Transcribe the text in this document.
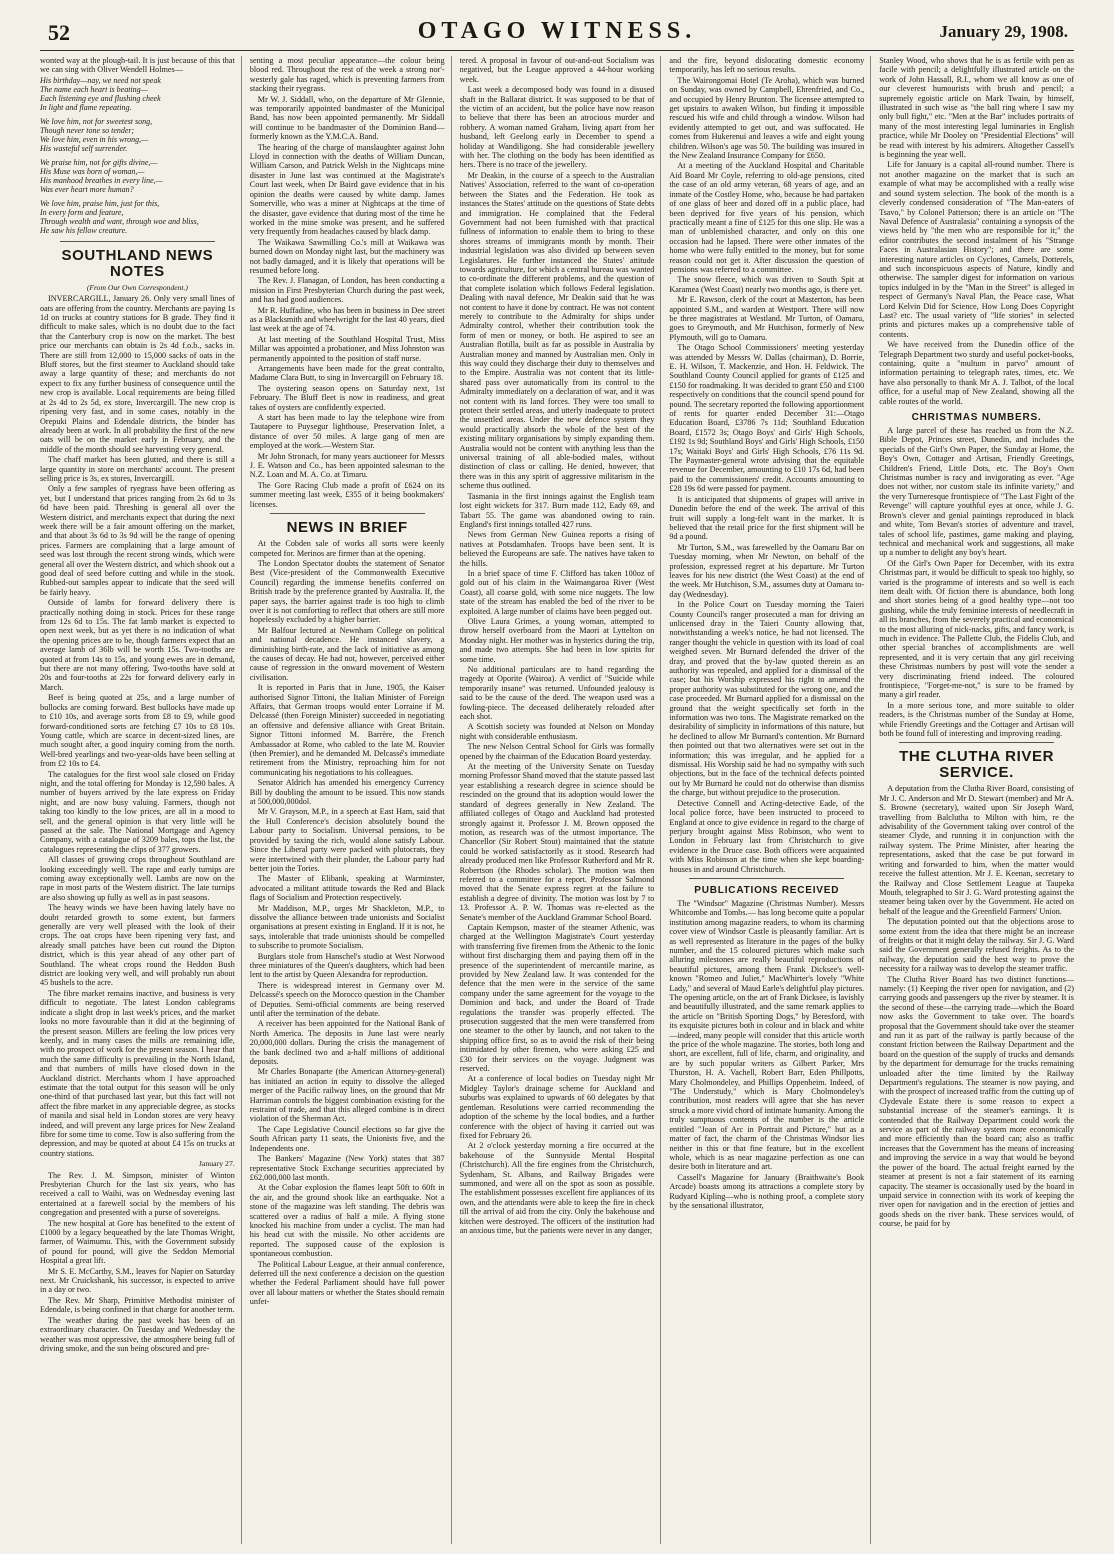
52	OTAGO WITNESS.	January 29, 1908.

wonted way at the plough-tail. It is just because of this that we can sing with Oliver Wendell Holmes—

His birthday—nay, we need not speak
The name each heart is beating—
Each listening eye and flushing cheek
In light and flame repeating.
We love him, not for sweetest song,
Though never tone so tender;
We love him, even in his wrong,—
His wasteful self surrender.
We praise him, not for gifts divine,—
His Muse was born of woman,—
His manhood breathes in every line,—
Was ever heart more human?
We love him, praise him, just for this,
In every form and feature,
Through wealth and want, through woe and bliss,
He saw his fellow creature.
SOUTHLAND NEWS NOTES
(From Our Own Correspondent.)

INVERCARGILL, January 26. Only very small lines of oats are offering from the country. Merchants are paying 1s 1d on trucks at country stations for B grade. They find it difficult to make sales, which is no doubt due to the fact that the Canterbury crop is now on the market. The best price our merchants can obtain is 2s 4d f.o.b., sacks in. There are still from 12,000 to 15,000 sacks of oats in the Bluff stores, but the first steamer to Auckland should take away a large quantity of these; and merchants do not expect to fix any further business of consequence until the new crop is available. Local requirements are being filled at 2s 4d to 2s 5d, ex store, Invercargill. The new crop is ripening very fast, and in some cases, notably in the Orepuki Plains and Edendale districts, the binder has already been at work. In all probability the first of the new oats will be on the market early in February, and the middle of the month should see harvesting very general.

The chaff market has been glutted, and there is still a large quantity in store on merchants' account. The present selling price is 3s, ex stores, Invercargill.

Only a few samples of ryegrass have been offering as yet, but I understand that prices ranging from 2s 6d to 3s 6d have been paid. Threshing is general all over the Western district, and merchants expect that during the next week there will be a fair amount offering on the market, and that about 3s 6d to 3s 9d will be the range of opening prices. Farmers are complaining that a large amount of seed was lost through the recent strong winds, which were general all over the Western district, and which shook out a good deal of seed before cutting and while in the stook. Rubbed-out samples appear to indicate that the seed will be fairly heavy.

Outside of lambs for forward delivery there is practically nothing doing in stock. Prices for these range from 12s 6d to 15s. The fat lamb market is expected to open next week, but as yet there is no indication of what the opening prices are to be, though farmers expect that an average lamb of 36lb will be worth 15s. Two-tooths are quoted at from 14s to 15s, and young ewes are in demand, but there are not many offering. Two-tooths have sold at 20s and four-tooths at 22s for forward delivery early in March.

Beef is being quoted at 25s, and a large number of bullocks are coming forward. Best bullocks have made up to £10 10s, and average sorts from £8 to £9, while good forward-conditioned sorts are fetching £7 10s to £8 10s. Young cattle, which are scarce in decent-sized lines, are much sought after, a good inquiry coming from the north. Well-bred yearlings and two-year-olds have been selling at from £2 10s to £4.

The catalogues for the first wool sale closed on Friday night, and the total offering for Monday is 12,590 bales. A number of buyers arrived by the late express on Friday night, and are now busy valuing. Farmers, though not taking too kindly to the low prices, are all in a mood to sell, and the general opinion is that very little will be passed at the sale. The National Mortgage and Agency Company, with a catalogue of 3209 bales, tops the list, the catalogues representing the clips of 377 growers.

All classes of growing crops throughout Southland are looking exceedingly well. The rape and early turnips are coming away exceptionally well. Lambs are now on the rape in most parts of the Western district. The late turnips are also showing up fully as well as in past seasons.

The heavy winds we have been having lately have no doubt retarded growth to some extent, but farmers generally are very well pleased with the look of their crops. The oat crops have been ripening very fast, and already small patches have been cut round the Dipton district, which is this year ahead of any other part of Southland. The wheat crops round the Heddon Bush district are looking very well, and will probably run about 45 bushels to the acre.

The fibre market remains inactive, and business is very difficult to negotiate. The latest London cablegrams indicate a slight drop in last week's prices, and the market looks no more favourable than it did at the beginning of the present season. Millers are feeling the low prices very keenly, and in many cases the mills are remaining idle, with no prospect of work for the present season. I hear that much the same difficulty is prevailing in the North Island, and that numbers of mills have closed down in the Auckland district. Merchants whom I have approached estimate that the total output for this season will be only one-third of that purchased last year, but this fact will not affect the fibre market in any appreciable degree, as stocks of manila and sisal held in London stores are very heavy indeed, and will prevent any large prices for New Zealand fibre for some time to come. Tow is also suffering from the depression, and may be quoted at about £4 15s on trucks at country stations.

January 27.

The Rev. J. M. Simpson, minister of Winton Presbyterian Church for the last six years, who has received a call to Waihi, was on Wednesday evening last entertained at a farewell social by the members of his congregation and presented with a purse of sovereigns.

The new hospital at Gore has benefited to the extent of £1000 by a legacy bequeathed by the late Thomas Wright, farmer, of Waimumu. This, with the Government subsidy of pound for pound, will give the Seddon Memorial Hospital a great lift.

Mr S. E. McCarthy, S.M., leaves for Napier on Saturday next. Mr Cruickshank, his successor, is expected to arrive in a day or two.

The Rev. Mr Sharp, Primitive Methodist minister of Edendale, is being confined in that charge for another term.

The weather during the past week has been of an extraordinary character. On Tuesday and Wednesday the weather was most oppressive, the atmosphere being full of driving smoke, and the sun being obscured and pre-

senting a most peculiar appearance—the colour being blood red. Throughout the rest of the week a strong nor'-westerly gale has raged, which is preventing farmers from stacking their ryegrass.

Mr W. J. Siddall, who, on the departure of Mr Glennie, was temporarily appointed bandmaster of the Municipal Band, has now been appointed permanently. Mr Siddall will continue to be bandmaster of the Dominion Band—formerly known as the Y.M.C.A. Band.

The hearing of the charge of manslaughter against John Lloyd in connection with the deaths of William Duncan, William Carson, and Patrick Welsh in the Nightcaps mine disaster in June last was continued at the Magistrate's Court last week, when Dr Baird gave evidence that in his opinion the deaths were caused by white damp. James Somerville, who was a miner at Nightcaps at the time of the disaster, gave evidence that during most of the time he worked in the mine smoke was present, and he suffered very frequently from headaches caused by black damp.

The Waikawa Sawmilling Co.'s mill at Waikawa was burned down on Monday night last, but the machinery was not badly damaged, and it is likely that operations will be resumed before long.

The Rev. J. Flanagan, of London, has been conducting a mission in First Presbyterian Church during the past week, and has had good audiences.

Mr R. Huffadine, who has been in business in Dee street as a Blacksmith and wheelwright for the last 40 years, died last week at the age of 74.

At last meeting of the Southland Hospital Trust, Miss Millar was appointed a probationer, and Miss Johnston was permanently appointed to the position of staff nurse.

Arrangements have been made for the great contralto, Madame Clara Butt, to sing in Invercargill on February 18.

The oystering season opens on Saturday next, 1st February. The Bluff fleet is now in readiness, and great takes of oysters are confidently expected.

A start has been made to lay the telephone wire from Tautapere to Puysegur lighthouse, Preservation Inlet, a distance of over 50 miles. A large gang of men are employed at the work.—Western Star.

Mr John Stronach, for many years auctioneer for Messrs J. E. Watson and Co., has been appointed salesman to the N.Z. Loan and M. A. Co. at Timaru.

The Gore Racing Club made a profit of £624 on its summer meeting last week, £355 of it being bookmakers' licenses.

NEWS IN BRIEF

At the Cobden sale of works all sorts were keenly competed for. Merinos are firmer than at the opening.

The London Spectator doubts the statement of Senator Best (Vice-president of the Commonwealth Executive Council) regarding the immense benefits conferred on British trade by the preference granted by Australia. If, the paper says, the barrier against trade is too high to climb over it is not comforting to reflect that others are still more hopelessly excluded by a higher barrier.

Mr Balfour lectured at Newnham College on political and national decadence. He instanced slavery, a diminishing birth-rate, and the lack of initiative as among the causes of decay. He had not, however, perceived either cause of regression in the onward movement of Western civilisation.

It is reported in Paris that in June, 1905, the Kaiser authorised Signor Tittoni, the Italian Minister of Foreign Affairs, that German troops would enter Lorraine if M. Delcassé (then Foreign Minister) succeeded in negotiating an offensive and defensive alliance with Great Britain. Signor Tittoni informed M. Barrère, the French Ambassador at Rome, who cabled to the late M. Rouvier (then Premier), and he demanded M. Delcassé's immediate retirement from the Ministry, reproaching him for not communicating his negotiations to his colleagues.

Senator Aldrich has amended his emergency Currency Bill by doubling the amount to be issued. This now stands at 500,000,000dol.

Mr V. Grayson, M.P., in a speech at East Ham, said that the Hull Conference's decision absolutely bound the Labour party to Socialism. Universal pensions, to be provided by taxing the rich, would alone satisfy Labour. Since the Liberal party were packed with plutocrats, they were intertwined with their plunder, the Labour party had better join the Tories.

The Master of Elibank, speaking at Warminster, advocated a militant attitude towards the Red and Black flags of Socialism and Protection respectively.

Mr Maddison, M.P., urges Mr Shackleton, M.P., to dissolve the alliance between trade unionists and Socialist organisations at present existing in England. If it is not, he says, intolerable that trade unionists should be compelled to subscribe to promote Socialism.

Burglars stole from Hanschel's studio at West Norwood three miniatures of the Queen's daughters, which had been lent to the artist by Queen Alexandra for reproduction.

There is widespread interest in Germany over M. Delcassé's speech on the Morocco question in the Chamber of Deputies. Semi-official comments are being reserved until after the termination of the debate.

A receiver has been appointed for the National Bank of North America. The deposits in June last were nearly 20,000,000 dollars. During the crisis the management of the bank declined two and a-half millions of additional deposits.

Mr Charles Bonaparte (the American Attorney-general) has initiated an action in equity to dissolve the alleged merger of the Pacific railway lines, on the ground that Mr Harriman controls the biggest combination existing for the restraint of trade, and that this alleged combine is in direct violation of the Sherman Act.

The Cape Legislative Council elections so far give the South African party 11 seats, the Unionists five, and the Independents one.

The Bankers' Magazine (New York) states that 387 representative Stock Exchange securities appreciated by £62,000,000 last month.

At the Cobar explosion the flames leapt 50ft to 60ft in the air, and the ground shook like an earthquake. Not a stone of the magazine was left standing. The debris was scattered over a radius of half a mile. A flying stone knocked his machine from under a cyclist. The man had his head cut with the missile. No other accidents are reported. The supposed cause of the explosion is spontaneous combustion.

The Political Labour League, at their annual conference, deferred till the next conference a decision on the question whether the Federal Parliament should have full power over all labour matters or whether the States should remain unfet-

tered. A proposal in favour of out-and-out Socialism was negatived, but the League approved a 44-hour working week.

Last week a decomposed body was found in a disused shaft in the Ballarat district. It was supposed to be that of the victim of an accident, but the police have now reason to believe that there has been an atrocious murder and robbery. A woman named Graham, living apart from her husband, left Geelong early in December to spend a holiday at Wandiligong. She had considerable jewellery with her. The clothing on the body has been identified as hers. There is no trace of the jewellery.

Mr Deakin, in the course of a speech to the Australian Natives' Association, referred to the want of co-operation between the States and the Federation. He took as instances the States' attitude on the questions of State debts and immigration. He complained that the Federal Government had not been furnished with that practical fullness of information to enable them to bring to these shores streams of immigrants month by month. Their industrial legislation was also divided up between seven Legislatures. He further instanced the States' attitude towards agriculture, for which a central bureau was wanted to co-ordinate the different problems, and the question of that complete isolation which follows Federal legislation. Dealing with naval defence, Mr Deakin said that he was not content to have it done by contract. He was not content merely to contribute to the Admiralty for ships under Admiralty control, whether their contribution took the form of men or money, or both. He aspired to see an Australian flotilla, built as far as possible in Australia by Australian money and manned by Australian men. Only in this way could they discharge their duty to themselves and to the Empire. Australia was not content that its little-shared pass over automatically from its control to the Admiralty immediately on a declaration of war, and it was not content with its land forces. They were too small to protect their settled areas, and utterly inadequate to protect the unsettled areas. Under the new defence system they would practically absorb the whole of the best of the existing military organisations by simply expanding them. Australia would not be content with anything less than the universal training of all able-bodied males, without distinction of class or calling. He denied, however, that there was in this any spirit of aggressive militarism in the scheme thus outlined.

Tasmania in the first innings against the English team lost eight wickets for 317. Burn made 112, Eady 69, and Tabart 55. The game was abandoned owing to rain. England's first innings totalled 427 runs.

News from German New Guinea reports a rising of natives at Potsdamhafen. Troops have been sent. It is believed the Europeans are safe. The natives have taken to the hills.

In a brief space of time F. Clifford has taken 100oz of gold out of his claim in the Waimangaroa River (West Coast), all coarse gold, with some nice nuggets. The low state of the stream has enabled the bed of the river to be exploited. A large number of claims have been pegged out.

Olive Laura Grimes, a young woman, attempted to throw herself overboard from the Maori at Lyttelton on Monday night. Her mother was in hysterics during the trip, and made two attempts. She had been in low spirits for some time.

No additional particulars are to hand regarding the tragedy at Oporite (Wairoa). A verdict of "Suicide while temporarily insane" was returned. Unfounded jealousy is said to be the cause of the deed. The weapon used was a fowling-piece. The deceased deliberately reloaded after each shot.

A Scottish society was founded at Nelson on Monday night with considerable enthusiasm.

The new Nelson Central School for Girls was formally opened by the chairman of the Education Board yesterday.

At the meeting of the University Senate on Tuesday morning Professor Shand moved that the statute passed last year establishing a research degree in science should be rescinded on the ground that its adoption would lower the standard of degrees generally in New Zealand. The affiliated colleges of Otago and Auckland had protested strongly against it. Professor J. M. Brown opposed the motion, as research was of the utmost importance. The Chancellor (Sir Robert Stout) maintained that the statute could be worked satisfactorily as it stood. Research had already produced men like Professor Rutherford and Mr R. Robertson (the Rhodes scholar). The motion was then referred to a committee for a report. Professor Salmond moved that the Senate express regret at the failure to establish a degree of divinity. The motion was lost by 7 to 13. Professor A. P. W. Thomas was re-elected as the Senate's member of the Auckland Grammar School Board.

Captain Kempson, master of the steamer Athenic, was charged at the Wellington Magistrate's Court yesterday with transferring five firemen from the Athenic to the Ionic without first discharging them and paying them off in the presence of the superintendent of mercantile marine, as provided by New Zealand law. It was contended for the defence that the men were in the service of the same company under the same agreement for the voyage to the Dominion and back, and under the Board of Trade regulations the transfer was properly effected. The prosecution suggested that the men were transferred from one steamer to the other by launch, and not taken to the shipping office first, so as to avoid the risk of their being intimidated by other firemen, who were asking £25 and £30 for their services on the voyage. Judgment was reserved.

At a conference of local bodies on Tuesday night Mr Midgley Taylor's drainage scheme for Auckland and suburbs was explained to upwards of 60 delegates by that gentleman. Resolutions were carried recommending the adoption of the scheme by the local bodies, and a further conference with the object of having it carried out was fixed for February 26.

At 2 o'clock yesterday morning a fire occurred at the bakehouse of the Sunnyside Mental Hospital (Christchurch). All the fire engines from the Christchurch, Sydenham, St. Albans, and Railway Brigades were summoned, and were all on the spot as soon as possible. The establishment possesses excellent fire appliances of its own, and the attendants were able to keep the fire in check till the arrival of aid from the city. Only the bakehouse and kitchen were destroyed. The officers of the institution had an anxious time, but the patients were never in any danger,

and the fire, beyond dislocating domestic economy temporarily, has left no serious results.

The Wairongomai Hotel (Te Aroha), which was burned on Sunday, was owned by Campbell, Ehrenfried, and Co., and occupied by Henry Brunton. The licensee attempted to get upstairs to awaken Wilson, but finding it impossible rescued his wife and child through a window. Wilson had evidently attempted to get out, and was suffocated. He comes from Hukerenui and leaves a wife and eight young children. Wilson's age was 50. The building was insured in the New Zealand Insurance Company for £650.

At a meeting of the Auckland Hospital and Charitable Aid Board Mr Coyle, referring to old-age pensions, cited the case of an old army veteran, 68 years of age, and an inmate of the Costley Home, who, because he had partaken of one glass of beer and dozed off in a public place, had been deprived for five years of his pension, which practically meant a fine of £125 for this one slip. He was a man of unblemished character, and only on this one occasion had he lapsed. There were other inmates of the home who were fully entitled to the money, but for some reason could not get it. After discussion the question of pensions was referred to a committee.

The snow fleece, which was driven to South Spit at Karamea (West Coast) nearly two months ago, is there yet.

Mr E. Rawson, clerk of the court at Masterton, has been appointed S.M., and warden at Westport. There will now be three magistrates at Westland. Mr Turton, of Oamaru, goes to Greymouth, and Mr Hutchison, formerly of New Plymouth, will go to Oamaru.

The Otago School Commissioners' meeting yesterday was attended by Messrs W. Dallas (chairman), D. Borrie, E. H. Wilson, T. Mackenzie, and Hon. H. Feldwick. The Southland County Council applied for grants of £125 and £150 for roadmaking. It was decided to grant £50 and £100 respectively on conditions that the council spend pound for pound. The secretary reported the following apportionment of rents for quarter ended December 31:—Otago Education Board, £3786 7s 11d; Southland Education Board, £1572 3s; Otago Boys' and Girls' High Schools, £192 1s 9d; Southland Boys' and Girls' High Schools, £150 17s; Waitaki Boys' and Girls' High Schools, £76 11s 9d. The Paymaster-general wrote advising that the equitable revenue for December, amounting to £10 17s 6d, had been paid to the commissioners' credit. Accounts amounting to £28 19s 6d were passed for payment.

It is anticipated that shipments of grapes will arrive in Dunedin before the end of the week. The arrival of this fruit will supply a long-felt want in the market. It is believed that the retail price for the first shipment will be 9d a pound.

Mr Turton, S.M., was farewelled by the Oamaru Bar on Tuesday morning, when Mr Newton, on behalf of the profession, expressed regret at his departure. Mr Turton leaves for his new district (the West Coast) at the end of the week. Mr Hutchison, S.M., assumes duty at Oamaru to-day (Wednesday).

In the Police Court on Tuesday morning the Taieri County Council's ranger prosecuted a man for driving an unlicensed dray in the Taieri County allowing that, notwithstanding a week's notice, he had not licensed. The ranger thought the vehicle in question with its load of coal weighed seven. Mr Burnard defended the driver of the dray, and proved that the by-law quoted therein as an authority was repealed, and applied for a dismissal of the case; but his Worship expressed his right to amend the proper authority was substituted for the wrong one, and the case proceeded. Mr Burnard applied for a dismissal on the ground that the weight specifically set forth in the information was two tons. The Magistrate remarked on the desirability of simplicity in informations of this nature, but he declined to allow Mr Burnard's contention. Mr Burnard then pointed out that two alternatives were set out in the information; this was irregular, and he applied for a dismissal. His Worship said he had no sympathy with such objections, but in the face of the technical defects pointed out by Mr Burnard he could not do otherwise than dismiss the charge, but without prejudice to the prosecution.

Detective Connell and Acting-detective Eade, of the local police force, have been instructed to proceed to England at once to give evidence in regard to the charge of perjury brought against Miss Robinson, who went to London in February last from Christchurch to give evidence in the Druce case. Both officers were acquainted with Miss Robinson at the time when she kept boarding-houses in and around Christchurch.

PUBLICATIONS RECEIVED

The "Windsor" Magazine (Christmas Number). Messrs Whitcombe and Tombs.— has long become quite a popular institution among magazine readers, to whom its charming cover view of Windsor Castle is pleasantly familiar. Art is as well represented as literature in the pages of the bulky number, and the 15 coloured pictures which make such alluring milestones are really beautiful reproductions of beautiful pictures, among them Frank Dicksee's well-known "Romeo and Juliet," MacWhirter's lovely "White Lady," and several of Maud Earle's delightful play pictures. The opening article, on the art of Frank Dicksee, is lavishly and beautifully illustrated, and the same remark applies to the article on "British Sporting Dogs," by Beresford, with its exquisite pictures both in colour and in black and white—indeed, many people will consider that this article worth the price of the whole magazine. The stories, both long and short, are excellent, full of life, charm, and originality, and are by such popular writers as Gilbert Parker, Mrs Thurston, H. A. Vachell, Robert Barr, Eden Phillpotts, Mary Cholmondeley, and Phillips Oppenheim. Indeed, of "The Understudy," which is Mary Cholmondeley's contribution, most readers will agree that she has never struck a more vivid chord of intimate humanity. Among the truly sumptuous contents of the number is the article entitled "Joan of Arc in Portrait and Picture," but as a matter of fact, the charm of the Christmas Windsor lies neither in this or that fine feature, but in the excellent whole, which is as near magazine perfection as one can desire both in literature and art.

Cassell's Magazine for January (Braithwaite's Book Arcade) boasts among its attractions a complete story by Rudyard Kipling—who is nothing proof, a complete story by the sensational illustrator,

Stanley Wood, who shows that he is as fertile with pen as facile with pencil; a delightfully illustrated article on the work of John Hassall, R.I., whom we all know as one of our cleverest humourists with brush and pencil; a supremely egoistic article on Mark Twain, by himself, illustrated in such wise as "the ball ring where I saw my only bull fight," etc. "Men at the Bar" includes portraits of many of the most interesting legal luminaries in English practice, while Mr Dooley on "Presidential Elections" will be read with interest by his admirers. Altogether Cassell's is beginning the year well.

Life for January is a capital all-round number. There is not another magazine on the market that is such an example of what may be accomplished with a really wise and sound system selection. The book of the month is a cleverly condensed consideration of "The Man-eaters of Tsavo," by Colonel Patterson; there is an article on "The Naval Defence of Australasia" containing a synopsis of the views held by "the men who are responsible for it;" the editor contributes the second instalment of his "Strange Faces in Australasian History"; and there are some interesting nature articles on Cyclones, Camels, Dotterels, and such inconspicuous aspects of Nature, kindly and otherwise. The sampler digest for information on various topics indulged in by the "Man in the Street" is alleged in respect of Germany's Naval Plan, the Peace case, What Lord Kelvin Did for Science, How Long Does Copyright Last? etc. The usual variety of "life stories" in selected prints and pictures makes up a comprehensive table of contents.

We have received from the Dunedin office of the Telegraph Department two sturdy and useful pocket-books, containing, quite a "multum in parvo" amount of information pertaining to telegraph rates, times, etc. We have also personally to thank Mr A. J. Talbot, of the local office, for a useful map of New Zealand, showing all the cable routes of the world.

CHRISTMAS NUMBERS.

A large parcel of these has reached us from the N.Z. Bible Depot, Princes street, Dunedin, and includes the specials of the Girl's Own Paper, the Sunday at Home, the Boy's Own, Cottager and Artisan, Friendly Greetings, Children's Friend, Little Dots, etc. The Boy's Own Christmas number is racy and invigorating as ever. "Age does not wither, nor custom stale its infinite variety," and the very Turneresque frontispiece of "The Last Fight of the Revenge" will capture youthful eyes at once, while J. G. Brown's clever and genial paintings reproduced in black and white, Tom Bevan's stories of adventure and travel, tales of school life, pastimes, game making and playing, technical and mechanical work and suggestions, all make up a number to delight any boy's heart.

Of the Girl's Own Paper for December, with its extra Christmas part, it would be difficult to speak too highly, so varied is the programme of interests and so well is each item dealt with. Of fiction there is abundance, both long and short stories being of a good healthy type—not too gushing, while the truly feminine interests of needlecraft in all its branches, from the severely practical and economical to the most alluring of nick-nacks, gifts, and fancy work, is much in evidence. The Pallette Club, the Fidelis Club, and other special branches of accomplishments are well represented, and it is very certain that any girl receiving these Christmas numbers by post will vote the sender a very discriminating friend indeed. The coloured frontispiece, "Forget-me-not," is sure to be framed by many a girl reader.

In a more serious tone, and more suitable to older readers, is the Christmas number of the Sunday at Home, while Friendly Greetings and the Cottager and Artisan will both be found full of interesting and improving reading.

THE CLUTHA RIVER SERVICE.

A deputation from the Clutha River Board, consisting of Mr J. C. Anderson and Mr D. Stewart (member) and Mr A. S. Browne (secretary), waited upon Sir Joseph Ward, travelling from Balclutha to Milton with him, re the advisability of the Government taking over control of the steamer Clyde, and running it in conjunction with the railway system. The Prime Minister, after hearing the representations, asked that the case be put forward in writing and forwarded to him, when the matter would receive the fullest attention. Mr J. E. Keenan, secretary to the Railway and Close Settlement League at Taupeka Mouth, telegraphed to Sir J. G. Ward protesting against the steamer being taken over by the Government. He acted on behalf of the league and the Greenfield Farmers' Union.

The deputation pointed out that the objections arose to some extent from the idea that there might be an increase of freights or that it might delay the railway. Sir J. G. Ward said the Government generally refused freights. As to the railway, the deputation said the best way to prove the necessity for a railway was to develop the steamer traffic.

The Clutha River Board has two distinct functions—namely: (1) Keeping the river open for navigation, and (2) carrying goods and passengers up the river by steamer. It is the second of these—the carrying trade—which the Board now asks the Government to take over. The board's proposal that the Government should take over the steamer and run it as part of the railway is partly because of the constant friction between the Railway Department and the board on the question of the supply of trucks and demands by the department for demurrage for the trucks remaining unloaded after the time limited by the Railway Department's regulations. The steamer is now paying, and with the prospect of increased traffic from the cutting up of Clydevale Estate there is some reason to expect a substantial increase of the steamer's earnings. It is contended that the Railway Department could work the service as part of the railway system more economically and more efficiently than the board can; also as traffic increases that the Government has the means of increasing and improving the service in a way that would be beyond the power of the board. The actual freight earned by the steamer at present is not a fair statement of its earning capacity. The steamer is occasionally used by the board in unpaid service in connection with its work of keeping the river open for navigation and in the erection of jetties and goods sheds on the river bank. These services would, of course, be paid for by
